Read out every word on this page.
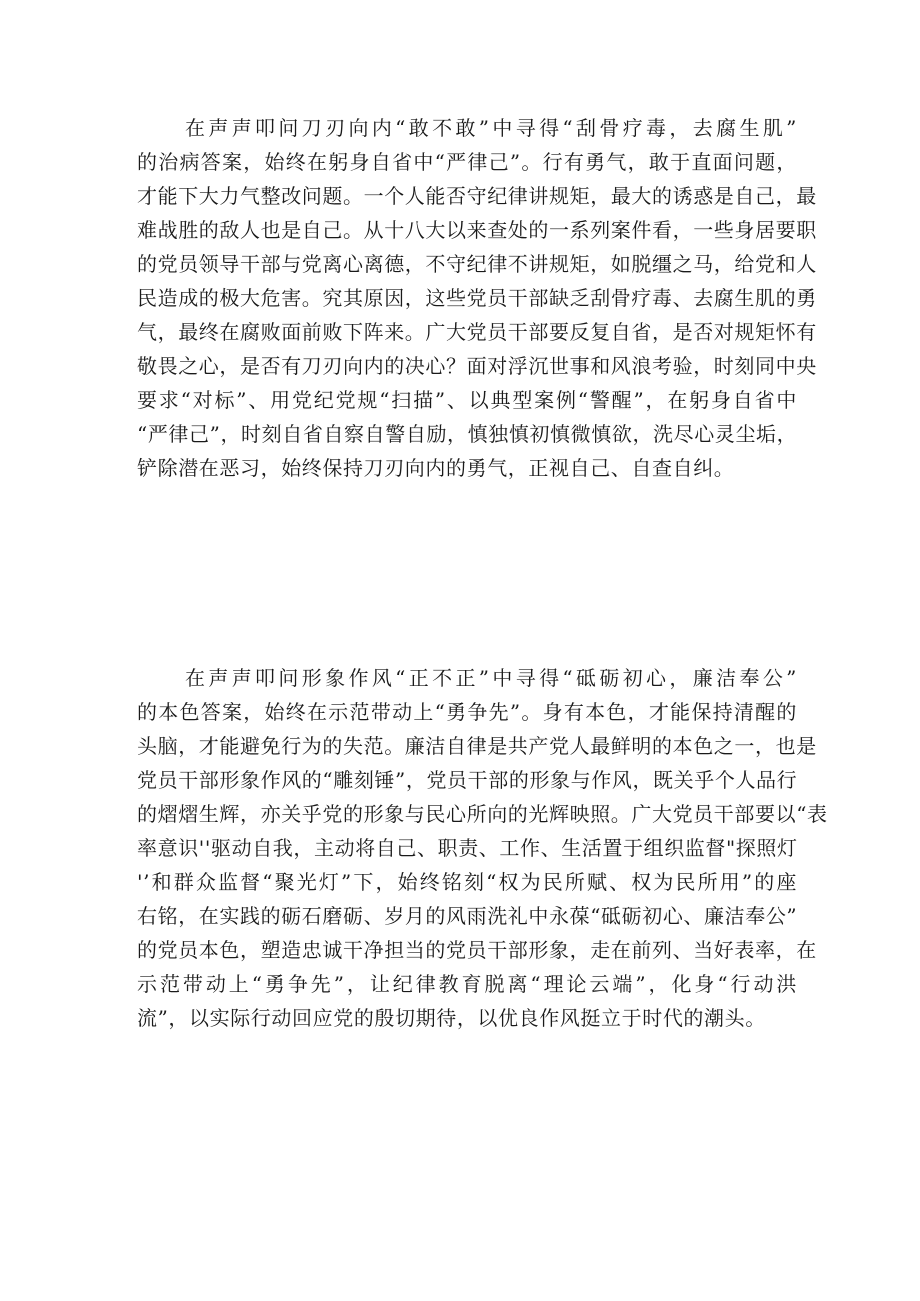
在声声叩问刀刃向内“敢不敢”中寻得“刮骨疗毒，去腐生肌”
的治病答案，始终在躬身自省中“严律己”。行有勇气，敢于直面问题，
才能下大力气整改问题。一个人能否守纪律讲规矩，最大的诱惑是自己，最
难战胜的敌人也是自己。从十八大以来查处的一系列案件看，一些身居要职
的党员领导干部与党离心离德，不守纪律不讲规矩，如脱缰之马，给党和人
民造成的极大危害。究其原因，这些党员干部缺乏刮骨疗毒、去腐生肌的勇
气，最终在腐败面前败下阵来。广大党员干部要反复自省，是否对规矩怀有
敬畏之心，是否有刀刃向内的决心？面对浮沉世事和风浪考验，时刻同中央
要求“对标”、用党纪党规“扫描”、以典型案例“警醒”，在躬身自省中
“严律己”，时刻自省自察自警自励，慎独慎初慎微慎欲，洗尽心灵尘垢，
铲除潜在恶习，始终保持刀刃向内的勇气，正视自己、自查自纠。
在声声叩问形象作风“正不正”中寻得“砥砺初心，廉洁奉公”
的本色答案，始终在示范带动上“勇争先”。身有本色，才能保持清醒的
头脑，才能避免行为的失范。廉洁自律是共产党人最鲜明的本色之一，也是
党员干部形象作风的“雕刻锤”，党员干部的形象与作风，既关乎个人品行
的熠熠生辉，亦关乎党的形象与民心所向的光辉映照。广大党员干部要以“表
率意识''驱动自我，主动将自己、职责、工作、生活置于组织监督"探照灯
'’和群众监督“聚光灯”下，始终铭刻“权为民所赋、权为民所用”的座
右铭，在实践的砺石磨砺、岁月的风雨洗礼中永葆“砥砺初心、廉洁奉公”
的党员本色，塑造忠诚干净担当的党员干部形象，走在前列、当好表率，在
示范带动上“勇争先”，让纪律教育脱离“理论云端”，化身“行动洪
流”，以实际行动回应党的殷切期待，以优良作风挺立于时代的潮头。
